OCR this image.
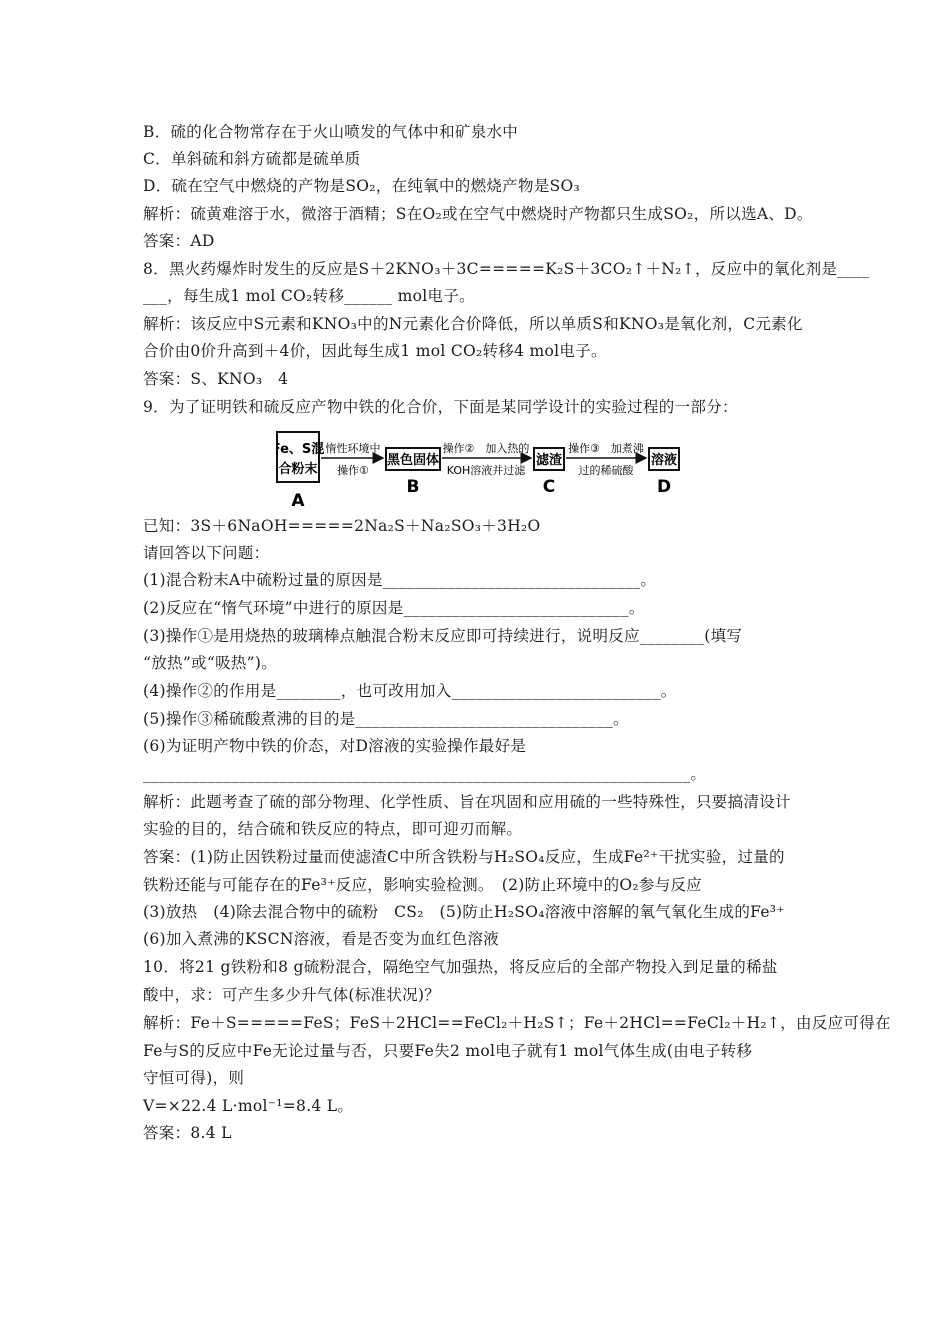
B．硫的化合物常存在于火山喷发的气体中和矿泉水中
C．单斜硫和斜方硫都是硫单质
D．硫在空气中燃烧的产物是SO₂，在纯氧中的燃烧产物是SO₃
解析：硫黄难溶于水，微溶于酒精；S在O₂或在空气中燃烧时产物都只生成SO₂，所以选A、D。
答案：AD
8．黑火药爆炸时发生的反应是S＋2KNO₃＋3C=====K₂S＋3CO₂↑＋N₂↑，反应中的氧化剂是____
___，每生成1 mol CO₂转移______ mol电子。
解析：该反应中S元素和KNO₃中的N元素化合价降低，所以单质S和KNO₃是氧化剂，C元素化
合价由0价升高到＋4价，因此每生成1 mol CO₂转移4 mol电子。
答案：S、KNO₃　4
9．为了证明铁和硫反应产物中铁的化合价，下面是某同学设计的实验过程的一部分：
Fe、S混
合粉末
A
惰性环境中
操作①
黑色固体
B
操作②　加入热的
KOH溶液并过滤
滤渣
C
操作③　加煮沸
过的稀硫酸
溶液
D
已知：3S＋6NaOH=====2Na₂S＋Na₂SO₃＋3H₂O
请回答以下问题：
(1)混合粉末A中硫粉过量的原因是________________________________。
(2)反应在“惰气环境”中进行的原因是____________________________。
(3)操作①是用烧热的玻璃棒点触混合粉末反应即可持续进行，说明反应________(填写
“放热”或“吸热”)。
(4)操作②的作用是________，也可改用加入__________________________。
(5)操作③稀硫酸煮沸的目的是________________________________。
(6)为证明产物中铁的价态，对D溶液的实验操作最好是
____________________________________________________________________。
解析：此题考查了硫的部分物理、化学性质、旨在巩固和应用硫的一些特殊性，只要搞清设计
实验的目的，结合硫和铁反应的特点，即可迎刃而解。
答案：(1)防止因铁粉过量而使滤渣C中所含铁粉与H₂SO₄反应，生成Fe²⁺干扰实验，过量的
铁粉还能与可能存在的Fe³⁺反应，影响实验检测。　(2)防止环境中的O₂参与反应
(3)放热　(4)除去混合物中的硫粉　CS₂　(5)防止H₂SO₄溶液中溶解的氧气氧化生成的Fe³⁺
(6)加入煮沸的KSCN溶液，看是否变为血红色溶液
10．将21 g铁粉和8 g硫粉混合，隔绝空气加强热，将反应后的全部产物投入到足量的稀盐
酸中，求：可产生多少升气体(标准状况)？
解析：Fe＋S=====FeS；FeS＋2HCl==FeCl₂＋H₂S↑；Fe＋2HCl==FeCl₂＋H₂↑，由反应可得在
Fe与S的反应中Fe无论过量与否，只要Fe失2 mol电子就有1 mol气体生成(由电子转移
守恒可得)，则
V=×22.4 L·mol⁻¹=8.4 L。
答案：8.4 L
